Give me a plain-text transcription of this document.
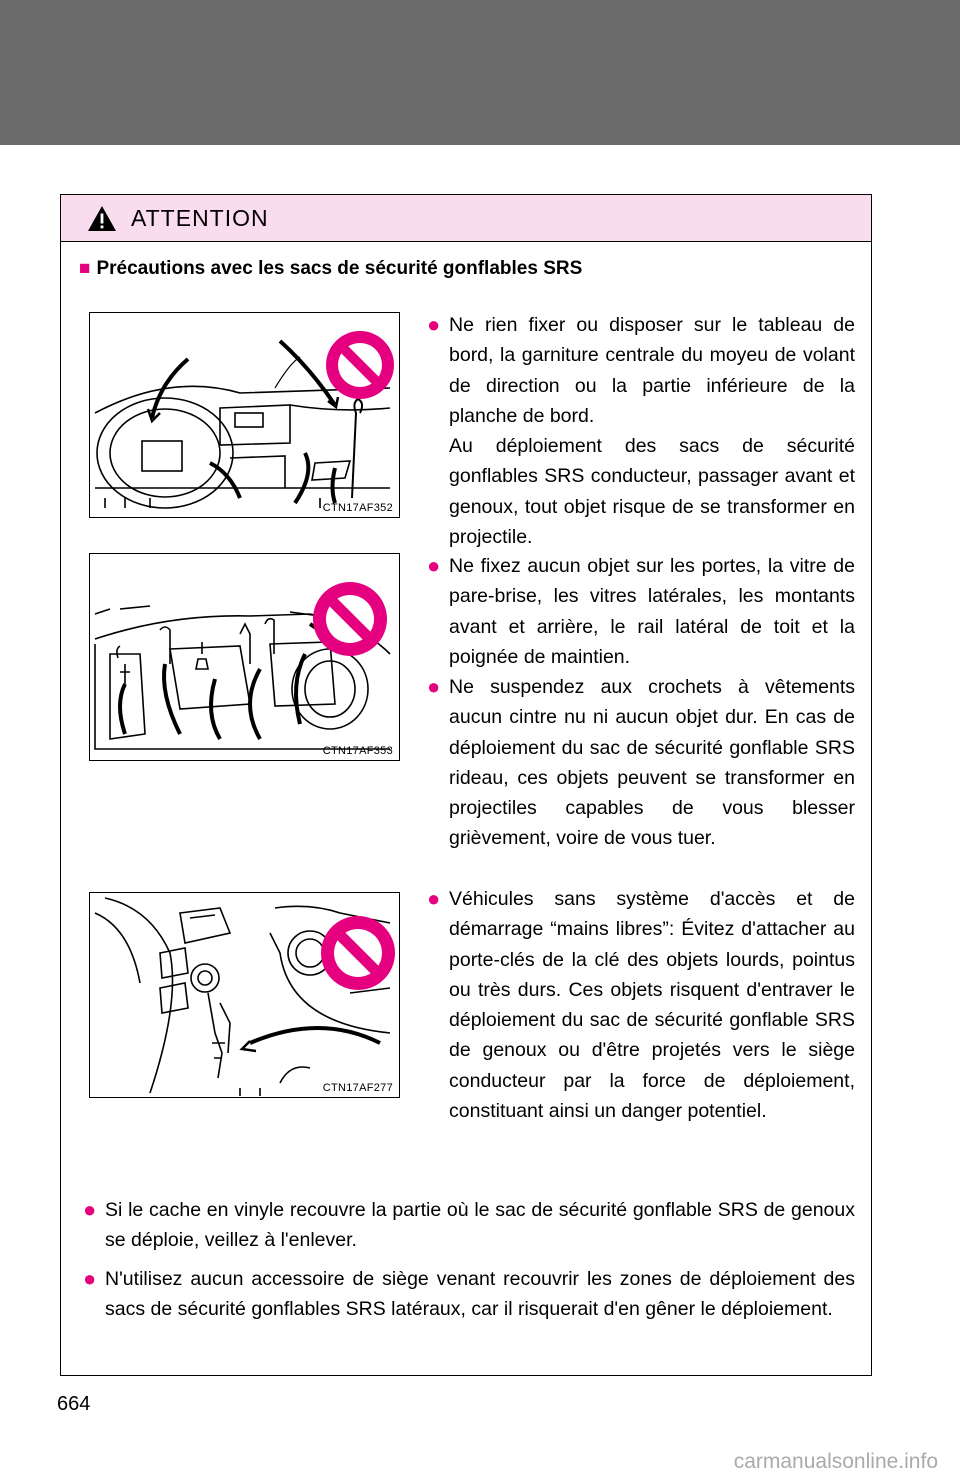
ATTENTION
■ Précautions avec les sacs de sécurité gonflables SRS
CTN17AF352
CTN17AF353
CTN17AF277
● Ne rien fixer ou disposer sur le tableau de bord, la garniture centrale du moyeu de volant de direction ou la partie inférieure de la planche de bord.
Au déploiement des sacs de sécurité gonflables SRS conducteur, passager avant et genoux, tout objet risque de se transformer en projectile.
● Ne fixez aucun objet sur les portes, la vitre de pare-brise, les vitres latérales, les montants avant et arrière, le rail latéral de toit et la poignée de maintien.
● Ne suspendez aux crochets à vêtements aucun cintre nu ni aucun objet dur. En cas de déploiement du sac de sécurité gonflable SRS rideau, ces objets peuvent se transformer en projectiles capables de vous blesser grièvement, voire de vous tuer.
● Véhicules sans système d'accès et de démarrage “mains libres”: Évitez d'attacher au porte-clés de la clé des objets lourds, pointus ou très durs. Ces objets risquent d'entraver le déploiement du sac de sécurité gonflable SRS de genoux ou d'être projetés vers le siège conducteur par la force de déploiement, constituant ainsi un danger potentiel.
● Si le cache en vinyle recouvre la partie où le sac de sécurité gonflable SRS de genoux se déploie, veillez à l'enlever.
● N'utilisez aucun accessoire de siège venant recouvrir les zones de déploiement des sacs de sécurité gonflables SRS latéraux, car il risquerait d'en gêner le déploiement.
664
carmanualsonline.info
